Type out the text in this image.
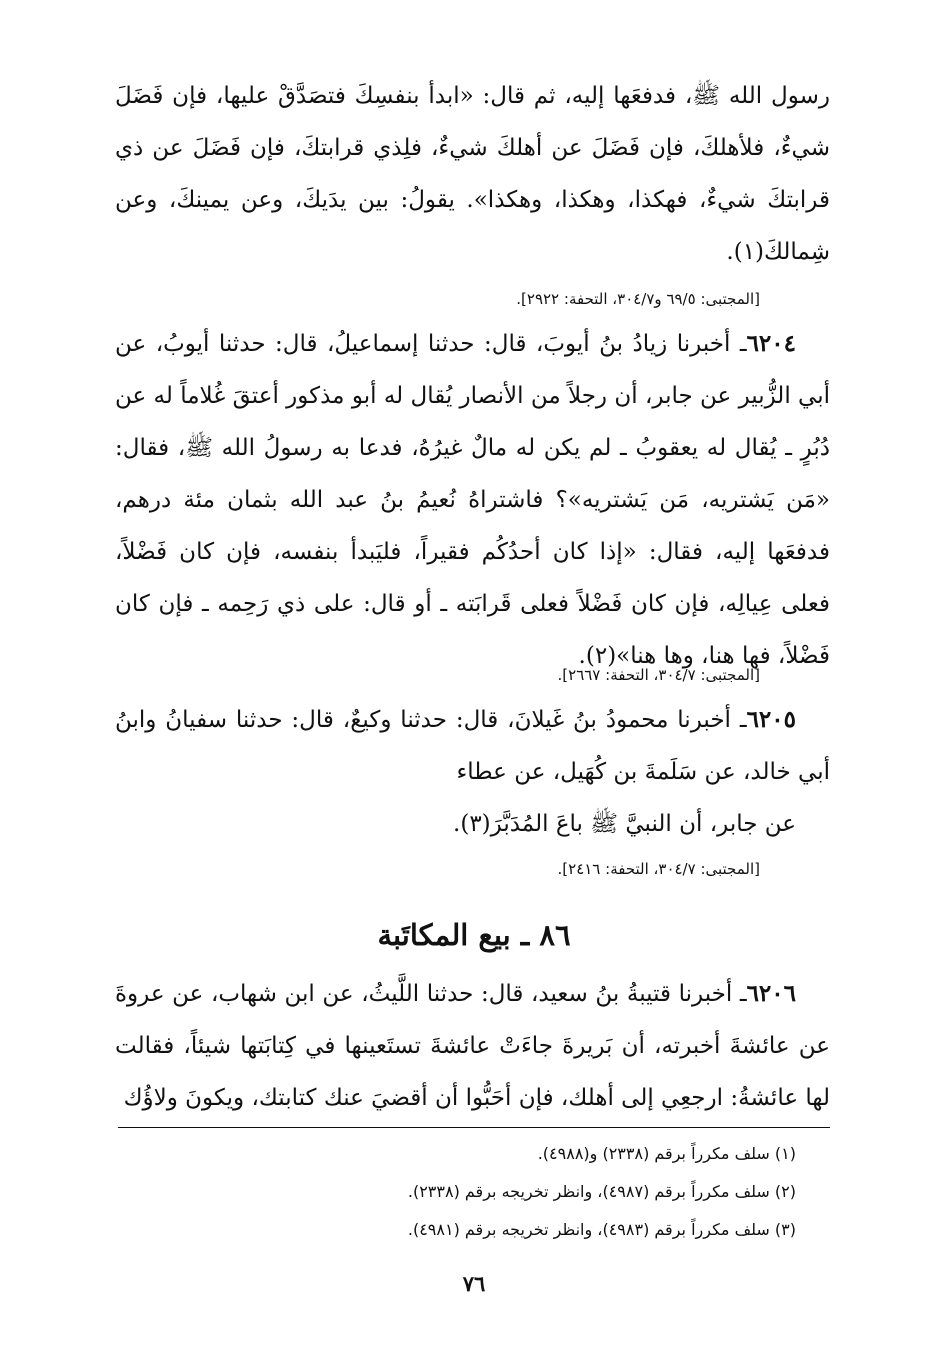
رسول الله ﷺ، فدفعَها إليه، ثم قال: «ابدأ بنفسِكَ فتصَدَّقْ عليها، فإن فَضَلَ شيءٌ، فلأهلكَ، فإن فَضَلَ عن أهلكَ شيءٌ، فلِذي قرابتكَ، فإن فَضَلَ عن ذي قرابتكَ شيءٌ، فهكذا، وهكذا، وهكذا». يقولُ: بين يدَيكَ، وعن يمينكَ، وعن شِمالكَ(١).

[المجتبى: ٦٩/٥ و٣٠٤/٧، التحفة: ٢٩٢٢].

٦٢٠٤ـ أخبرنا زيادُ بنُ أيوبَ، قال: حدثنا إسماعيلُ، قال: حدثنا أيوبُ، عن أبي الزُّبير عن جابر، أن رجلاً من الأنصار يُقال له أبو مذكور أعتقَ غُلاماً له عن دُبُرٍ ـ يُقال له يعقوبُ ـ لم يكن له مالٌ غيرُهُ، فدعا به رسولُ الله ﷺ، فقال: «مَن يَشتريه، مَن يَشتريه»؟ فاشتراهُ نُعيمُ بنُ عبد الله بثمان مئة درهم، فدفعَها إليه، فقال: «إذا كان أحدُكُم فقيراً، فليَبدأ بنفسه، فإن كان فَضْلاً، فعلى عِيالِه، فإن كان فَضْلاً فعلى قَرابَته ـ أو قال: على ذي رَحِمه ـ فإن كان فَضْلاً، فها هنا، وها هنا»(٢).

[المجتبى: ٣٠٤/٧، التحفة: ٢٦٦٧].

٦٢٠٥ـ أخبرنا محمودُ بنُ غَيلانَ، قال: حدثنا وكيعٌ، قال: حدثنا سفيانُ وابنُ أبي خالد، عن سَلَمةَ بن كُهَيل، عن عطاء

عن جابر، أن النبيَّ ﷺ باعَ المُدَبَّرَ(٣).

[المجتبى: ٣٠٤/٧، التحفة: ٢٤١٦].

٨٦ ـ بيع المكاتَبة

٦٢٠٦ـ أخبرنا قتيبةُ بنُ سعيد، قال: حدثنا اللَّيثُ، عن ابن شهاب، عن عروةَ عن عائشةَ أخبرته، أن بَريرةَ جاءَتْ عائشةَ تستَعينها في كِتابَتها شيئاً، فقالت لها عائشةُ: ارجعِي إلى أهلك، فإن أحَبُّوا أن أقضيَ عنك كتابتك، ويكونَ ولاؤُك

(١) سلف مكرراً برقم (٢٣٣٨) و(٤٩٨٨).

(٢) سلف مكرراً برقم (٤٩٨٧)، وانظر تخريجه برقم (٢٣٣٨).

(٣) سلف مكرراً برقم (٤٩٨٣)، وانظر تخريجه برقم (٤٩٨١).

٧٦
